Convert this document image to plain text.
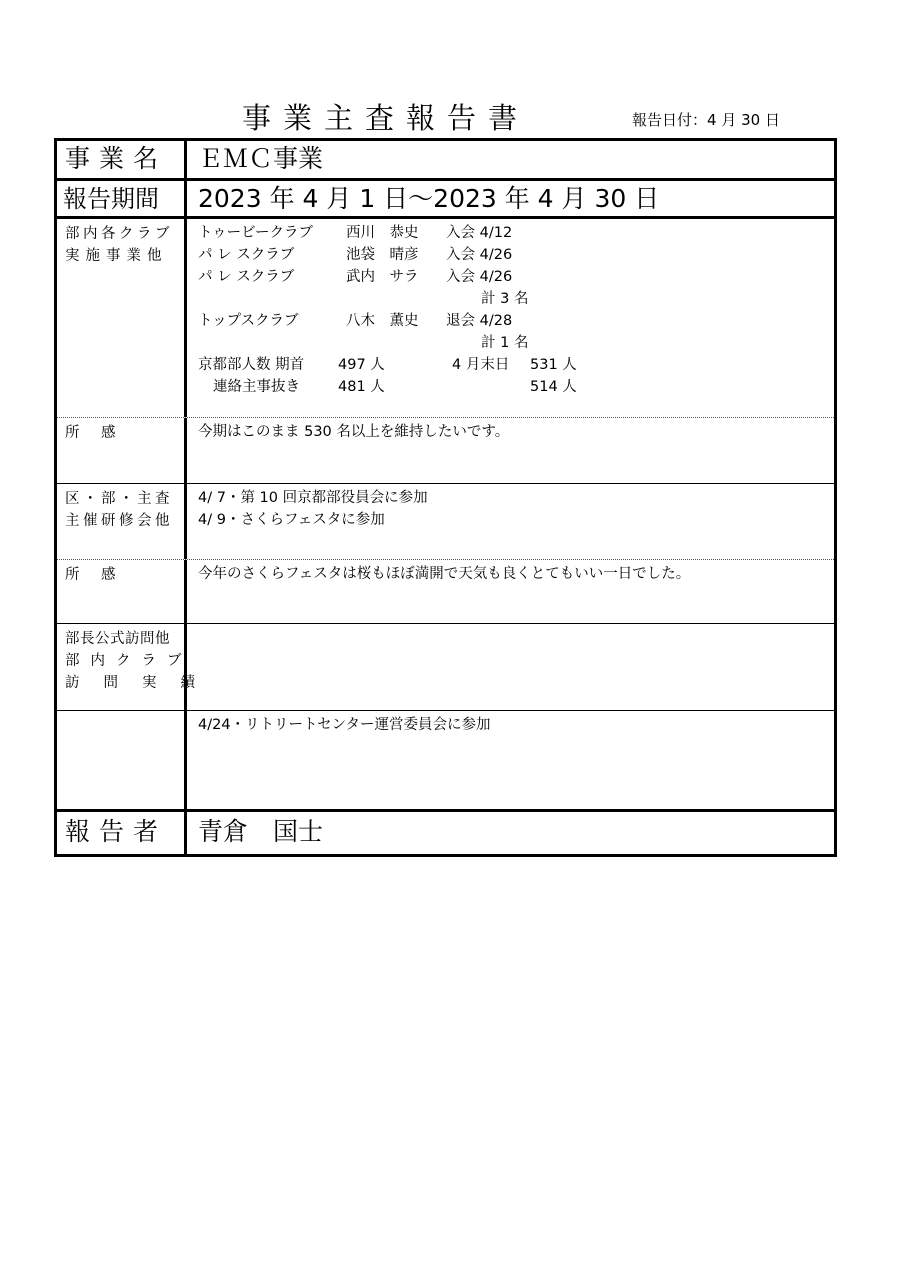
事業主査報告書	報告日付：4 月 30 日
事業名	ＥＭＣ事業
報告期間	2023 年 4 月 1 日～2023 年 4 月 30 日
部内各クラブ
実施事業他
トゥービークラブ 西川　恭史 入会 4/12
パ レ スクラブ	池袋　晴彦 入会 4/26
パ レ スクラブ	武内　サラ 入会 4/26
計 3 名
トップスクラブ	八木　薫史 退会 4/28
計 1 名
京都部人数 期首 497 人	4 月末日 531 人
連絡主事抜き	481 人	514 人
所　感	今期はこのまま 530 名以上を維持したいです。
区・部・主査
主催研修会他
4/ 7・第 10 回京都部役員会に参加
4/ 9・さくらフェスタに参加
所　感	今年のさくらフェスタは桜もほぼ満開で天気も良くとてもいい一日でした。
部長公式訪問他
部内クラブ
訪問実績
4/24・リトリートセンター運営委員会に参加
報告者	青倉　国士
